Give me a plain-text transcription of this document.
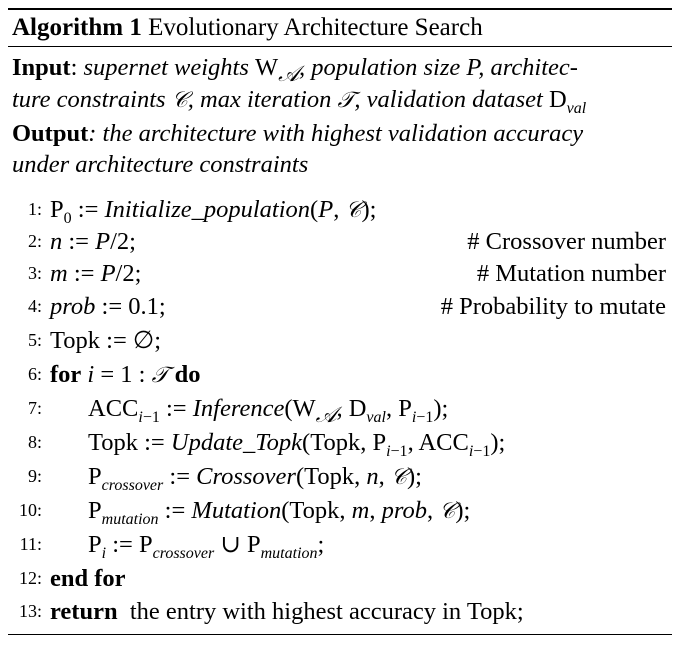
Algorithm 1 Evolutionary Architecture Search
Input: supernet weights W𝒜, population size P, architec-
ture constraints 𝒞, max iteration 𝒯, validation dataset $D_{val}$
Output: the architecture with highest validation accuracy
under architecture constraints
1: $P_0$ := Initialize_population(P, 𝒞);
2: n := P/2;	# Crossover number
3: m := P/2;	# Mutation number
4: prob := 0.1;	# Probability to mutate
5: Topk := ∅;
6: for i = 1 : 𝒯 do
7: $ACC_{i-1}$ := Inference(W𝒜, $D_{val}$, $P_{i-1}$);
8: Topk := Update_Topk(Topk, $P_{i-1}$, $ACC_{i-1}$);
9: $P_{crossover}$ := Crossover(Topk, n, 𝒞);
10: $P_{mutation}$ := Mutation(Topk, m, prob, 𝒞);
11: $P_i$ := $P_{crossover}$ ∪ $P_{mutation}$;
12: end for
13: return the entry with highest accuracy in Topk;
